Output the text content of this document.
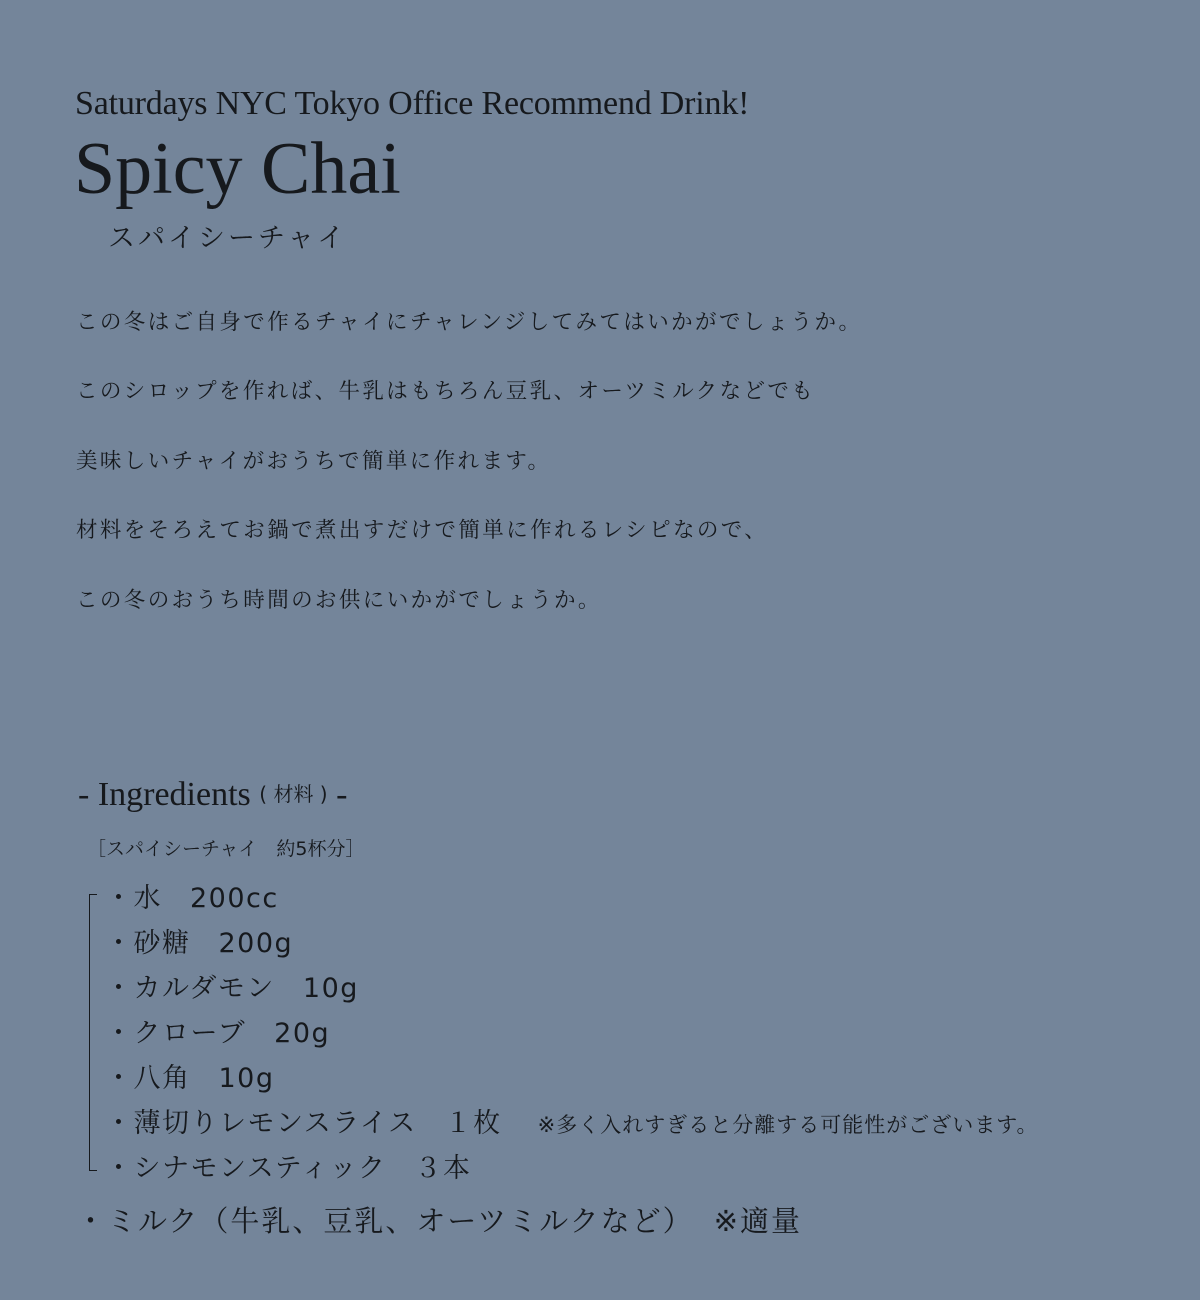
Saturdays NYC Tokyo Office Recommend Drink!
Spicy Chai
スパイシーチャイ

この冬はご自身で作るチャイにチャレンジしてみてはいかがでしょうか。

このシロップを作れば、牛乳はもちろん豆乳、オーツミルクなどでも

美味しいチャイがおうちで簡単に作れます。

材料をそろえてお鍋で煮出すだけで簡単に作れるレシピなので、

この冬のおうち時間のお供にいかがでしょうか。

- Ingredients ( 材料 ) -
［スパイシーチャイ　約5杯分］
・水 200cc
・砂糖 200g
・カルダモン 10g
・クローブ 20g
・八角 10g
・薄切りレモンスライス １枚 ※多く入れすぎると分離する可能性がございます。
・シナモンスティック ３本
・ミルク（牛乳、豆乳、オーツミルクなど） ※適量
